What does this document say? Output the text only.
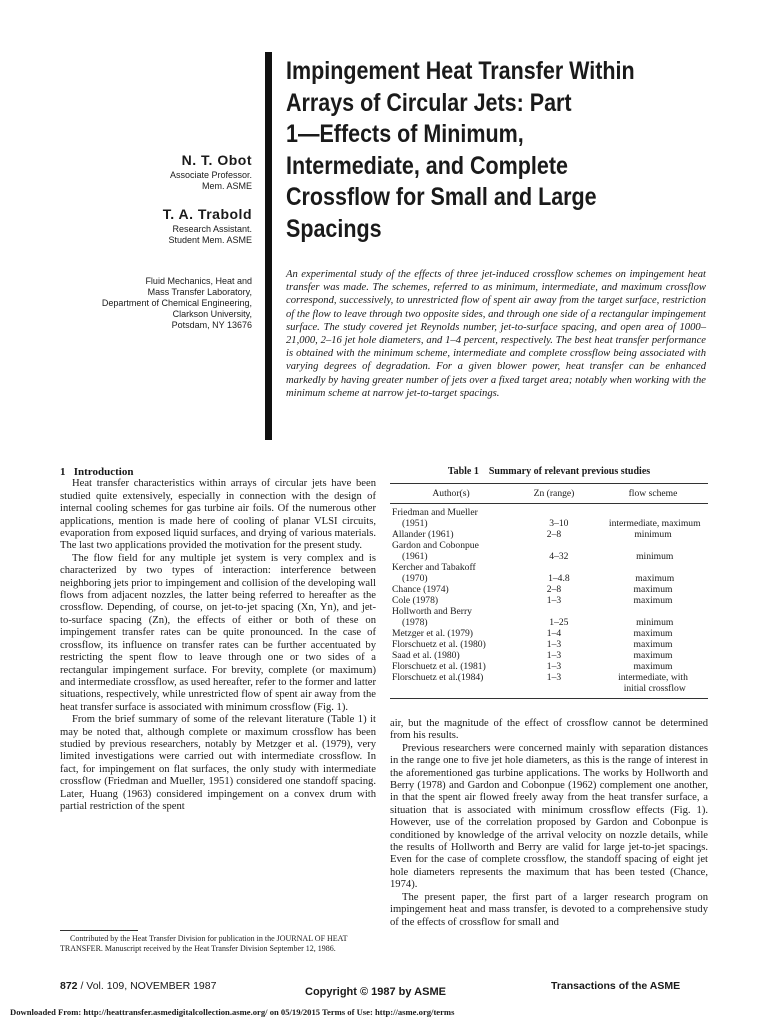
N. T. Obot

Associate Professor.

Mem. ASME

T. A. Trabold

Research Assistant.

Student Mem. ASME

Fluid Mechanics, Heat and
Mass Transfer Laboratory,
Department of Chemical Engineering,
Clarkson University,
Potsdam, NY 13676
Impingement Heat Transfer Within
Arrays of Circular Jets: Part
1—Effects of Minimum,
Intermediate, and Complete
Crossflow for Small and Large
Spacings

An experimental study of the effects of three jet-induced crossflow schemes on impingement heat transfer was made. The schemes, referred to as minimum, intermediate, and maximum crossflow correspond, successively, to unrestricted flow of spent air away from the target surface, restriction of the flow to leave through two opposite sides, and through one side of a rectangular impingement surface. The study covered jet Reynolds number, jet-to-surface spacing, and open area of 1000–21,000, 2–16 jet hole diameters, and 1–4 percent, respectively. The best heat transfer performance is obtained with the minimum scheme, intermediate and complete crossflow being associated with varying degrees of degradation. For a given blower power, heat transfer can be enhanced markedly by having greater number of jets over a fixed target area; notably when working with the minimum scheme at narrow jet-to-target spacings.

1   Introduction

Heat transfer characteristics within arrays of circular jets have been studied quite extensively, especially in connection with the design of internal cooling schemes for gas turbine air foils. Of the numerous other applications, mention is made here of cooling of planar VLSI circuits, evaporation from exposed liquid surfaces, and drying of various materials. The last two applications provided the motivation for the present study.

The flow field for any multiple jet system is very complex and is characterized by two types of interaction: interference between neighboring jets prior to impingement and collision of the developing wall flows from adjacent nozzles, the latter being referred to hereafter as the crossflow. Depending, of course, on jet-to-jet spacing (Xn, Yn), and jet-to-surface spacing (Zn), the effects of either or both of these on impingement transfer rates can be quite pronounced. In the case of crossflow, its influence on transfer rates can be further accentuated by restricting the spent flow to leave through one or two sides of a rectangular impingement surface. For brevity, complete (or maximum) and intermediate crossflow, as used hereafter, refer to the former and latter situations, respectively, while unrestricted flow of spent air away from the heat transfer surface is associated with minimum crossflow (Fig. 1).

From the brief summary of some of the relevant literature (Table 1) it may be noted that, although complete or maximum crossflow has been studied by previous researchers, notably by Metzger et al. (1979), very limited investigations were carried out with intermediate crossflow. In fact, for impingement on flat surfaces, the only study with intermediate crossflow (Friedman and Mueller, 1951) considered one standoff spacing. Later, Huang (1963) considered impingement on a convex drum with partial restriction of the spent

Table 1    Summary of relevant previous studies

Author(s)	Zn (range)	flow scheme
Friedman and Mueller
(1951)	3–10	intermediate, maximum
Allander (1961)	2–8	minimum
Gardon and Cobonpue
(1961)	4–32	minimum
Kercher and Tabakoff
(1970)	1–4.8	maximum
Chance (1974)	2–8	maximum
Cole (1978)	1–3	maximum
Hollworth and Berry
(1978)	1–25	minimum
Metzger et al. (1979)	1–4	maximum
Florschuetz et al. (1980)	1–3	maximum
Saad et al. (1980)	1–3	maximum
Florschuetz et al. (1981)	1–3	maximum
Florschuetz et al.(1984)	1–3	intermediate, with
initial crossflow

air, but the magnitude of the effect of crossflow cannot be determined from his results.

Previous researchers were concerned mainly with separation distances in the range one to five jet hole diameters, as this is the range of interest in the aforementioned gas turbine applications. The works by Hollworth and Berry (1978) and Gardon and Cobonpue (1962) complement one another, in that the spent air flowed freely away from the heat transfer surface, a situation that is associated with minimum crossflow effects (Fig. 1). However, use of the correlation proposed by Gardon and Cobonpue is conditioned by knowledge of the arrival velocity on nozzle details, while the results of Hollworth and Berry are valid for large jet-to-jet spacings. Even for the case of complete crossflow, the standoff spacing of eight jet hole diameters represents the maximum that has been tested (Chance, 1974).

The present paper, the first part of a larger research program on impingement heat and mass transfer, is devoted to a comprehensive study of the effects of crossflow for small and

Contributed by the Heat Transfer Division for publication in the JOURNAL OF HEAT TRANSFER. Manuscript received by the Heat Transfer Division September 12, 1986.
872 / Vol. 109, NOVEMBER 1987	Copyright © 1987 by ASME	Transactions of the ASME
Downloaded From: http://heattransfer.asmedigitalcollection.asme.org/ on 05/19/2015 Terms of Use: http://asme.org/terms
